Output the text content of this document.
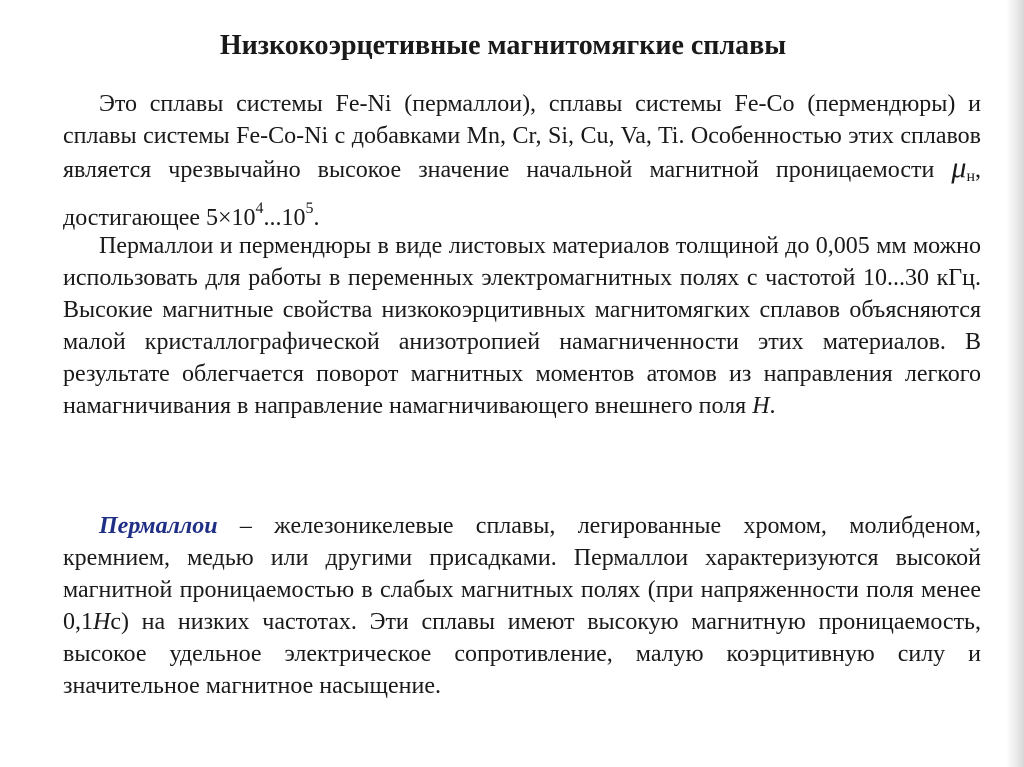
Низкокоэрцетивные магнитомягкие сплавы

Это сплавы системы Fe-Ni (пермаллои), сплавы системы Fe-Co (пермендюры) и сплавы системы Fe-Co-Ni с добавками Mn, Cr, Si, Cu, Va, Ti. Особенностью этих сплавов является чрезвычайно высокое значение начальной магнитной проницаемости $\mu_н$, достигающее $5\times 10^4...10^5$.

Пермаллои и пермендюры в виде листовых материалов толщиной до 0,005 мм можно использовать для работы в переменных электромагнитных полях с частотой 10...30 кГц. Высокие магнитные свойства низкокоэрцитивных магнитомягких сплавов объясняются малой кристаллографической анизотропией намагниченности этих материалов. В результате облегчается поворот магнитных моментов атомов из направления легкого намагничивания в направление намагничивающего внешнего поля H.

Пермаллои – железоникелевые сплавы, легированные хромом, молибденом, кремнием, медью или другими присадками. Пермаллои характеризуются высокой магнитной проницаемостью в слабых магнитных полях (при напряженности поля менее 0,1Hc) на низких частотах. Эти сплавы имеют высокую магнитную проницаемость, высокое удельное электрическое сопротивление, малую коэрцитивную силу и значительное магнитное насыщение.
